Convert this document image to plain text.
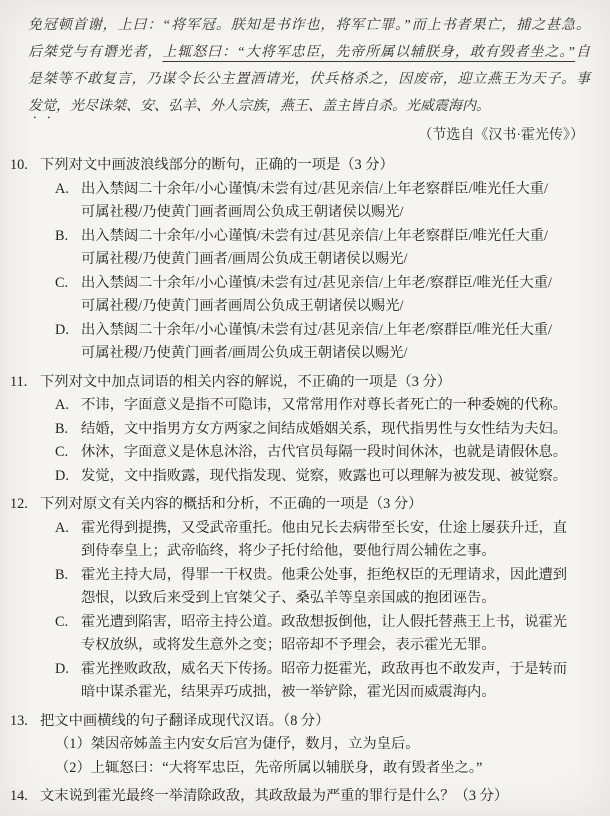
免冠顿首谢，上曰：“将军冠。朕知是书诈也，将军亡罪。”而上书者果亡，捕之甚急。
后桀党与有谮光者，上辄怒曰：“大将军忠臣，先帝所属以辅朕身，敢有毁者坐之。”自
是桀等不敢复言，乃谋令长公主置酒请光，伏兵格杀之，因废帝，迎立燕王为天子。事
发觉，光尽诛桀、安、弘羊、外人宗族，燕王、盖主皆自杀。光威震海内。
（节选自《汉书·霍光传》）
10. 下列对文中画波浪线部分的断句，正确的一项是（3 分）
A. 出入禁闼二十余年/小心谨慎/未尝有过/甚见亲信/上年老察群臣/唯光任大重/
可属社稷/乃使黄门画者画周公负成王朝诸侯以赐光/
B. 出入禁闼二十余年/小心谨慎/未尝有过/甚见亲信/上年老察群臣/唯光任大重/
可属社稷/乃使黄门画者/画周公负成王朝诸侯以赐光/
C. 出入禁闼二十余年/小心谨慎/未尝有过/甚见亲信/上年老/察群臣/唯光任大重/
可属社稷/乃使黄门画者画周公负成王朝诸侯以赐光/
D. 出入禁闼二十余年/小心谨慎/未尝有过/甚见亲信/上年老/察群臣/唯光任大重/
可属社稷/乃使黄门画者/画周公负成王朝诸侯以赐光/
11. 下列对文中加点词语的相关内容的解说，不正确的一项是（3 分）
A. 不讳，字面意义是指不可隐讳，又常常用作对尊长者死亡的一种委婉的代称。
B. 结婚，文中指男方女方两家之间结成婚姻关系，现代指男性与女性结为夫妇。
C. 休沐，字面意义是休息沐浴，古代官员每隔一段时间休沐，也就是请假休息。
D. 发觉，文中指败露，现代指发现、觉察，败露也可以理解为被发现、被觉察。
12. 下列对原文有关内容的概括和分析，不正确的一项是（3 分）
A. 霍光得到提携，又受武帝重托。他由兄长去病带至长安，仕途上屡获升迁，直
到侍奉皇上；武帝临终，将少子托付给他，要他行周公辅佐之事。
B. 霍光主持大局，得罪一干权贵。他秉公处事，拒绝权臣的无理请求，因此遭到
怨恨，以致后来受到上官桀父子、桑弘羊等皇亲国戚的抱团诬告。
C. 霍光遭到陷害，昭帝主持公道。政敌想扳倒他，让人假托替燕王上书，说霍光
专权放纵，或将发生意外之变；昭帝却不予理会，表示霍光无罪。
D. 霍光挫败政敌，威名天下传扬。昭帝力挺霍光，政敌再也不敢发声，于是转而
暗中谋杀霍光，结果弄巧成拙，被一举铲除，霍光因而威震海内。
13. 把文中画横线的句子翻译成现代汉语。（8 分）
（1）桀因帝姊盖主内安女后宫为倢伃，数月，立为皇后。
（2）上辄怒曰：“大将军忠臣，先帝所属以辅朕身，敢有毁者坐之。”
14. 文末说到霍光最终一举清除政敌，其政敌最为严重的罪行是什么？（3 分）
